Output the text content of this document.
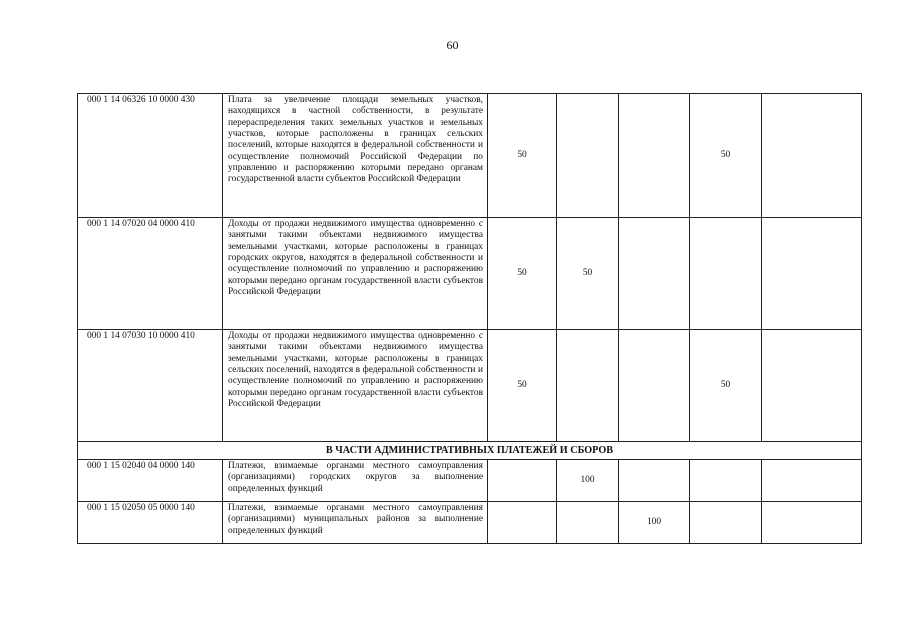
60
000 1 14 06326 10 0000 430	Плата за увеличение площади земельных участков, находящихся в частной собственности, в результате перераспределения таких земельных участков и земельных участков, которые расположены в границах сельских поселений, которые находятся в федеральной собственности и осуществление полномочий Российской Федерации по управлению и распоряжению которыми передано органам государственной власти субъектов Российской Федерации	50			50	
000 1 14 07020 04 0000 410	Доходы от продажи недвижимого имущества одновременно с занятыми такими объектами недвижимого имущества земельными участками, которые расположены в границах городских округов, находятся в федеральной собственности и осуществление полномочий по управлению и распоряжению которыми передано органам государственной власти субъектов Российской Федерации	50	50			
000 1 14 07030 10 0000 410	Доходы от продажи недвижимого имущества одновременно с занятыми такими объектами недвижимого имущества земельными участками, которые расположены в границах сельских поселений, находятся в федеральной собственности и осуществление полномочий по управлению и распоряжению которыми передано органам государственной власти субъектов Российской Федерации	50			50	
В ЧАСТИ АДМИНИСТРАТИВНЫХ ПЛАТЕЖЕЙ И СБОРОВ						
000 1 15 02040 04 0000 140	Платежи, взимаемые органами местного самоуправления (организациями) городских округов за выполнение определенных функций		100			
000 1 15 02050 05 0000 140	Платежи, взимаемые органами местного самоуправления (организациями) муниципальных районов за выполнение определенных функций			100		
